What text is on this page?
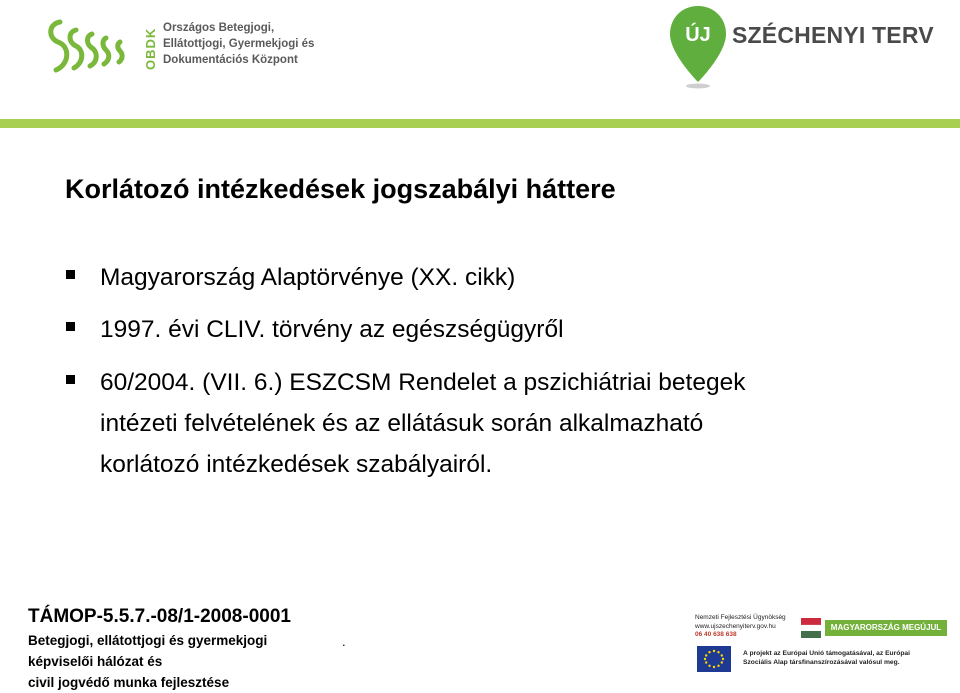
OBDK Országos Betegjogi,
Ellátottjogi, Gyermekjogi és
Dokumentációs Központ
ÚJ SZÉCHENYI TERV
Korlátozó intézkedések jogszabályi háttere
Magyarország Alaptörvénye (XX. cikk)
1997. évi CLIV. törvény az egészségügyről
60/2004. (VII. 6.) ESZCSM Rendelet a pszichiátriai betegek
intézeti felvételének és az ellátásuk során alkalmazható
korlátozó intézkedések szabályairól.
TÁMOP-5.5.7.-08/1-2008-0001
Betegjogi, ellátottjogi és gyermekjogi
képviselői hálózat és
civil jogvédő munka fejlesztése
.
Nemzeti Fejlesztési Ügynökség
www.ujszechenyiterv.gov.hu
06 40 638 638
MAGYARORSZÁG MEGÚJUL
A projekt az Európai Unió támogatásával, az Európai
Szociális Alap társfinanszírozásával valósul meg.
